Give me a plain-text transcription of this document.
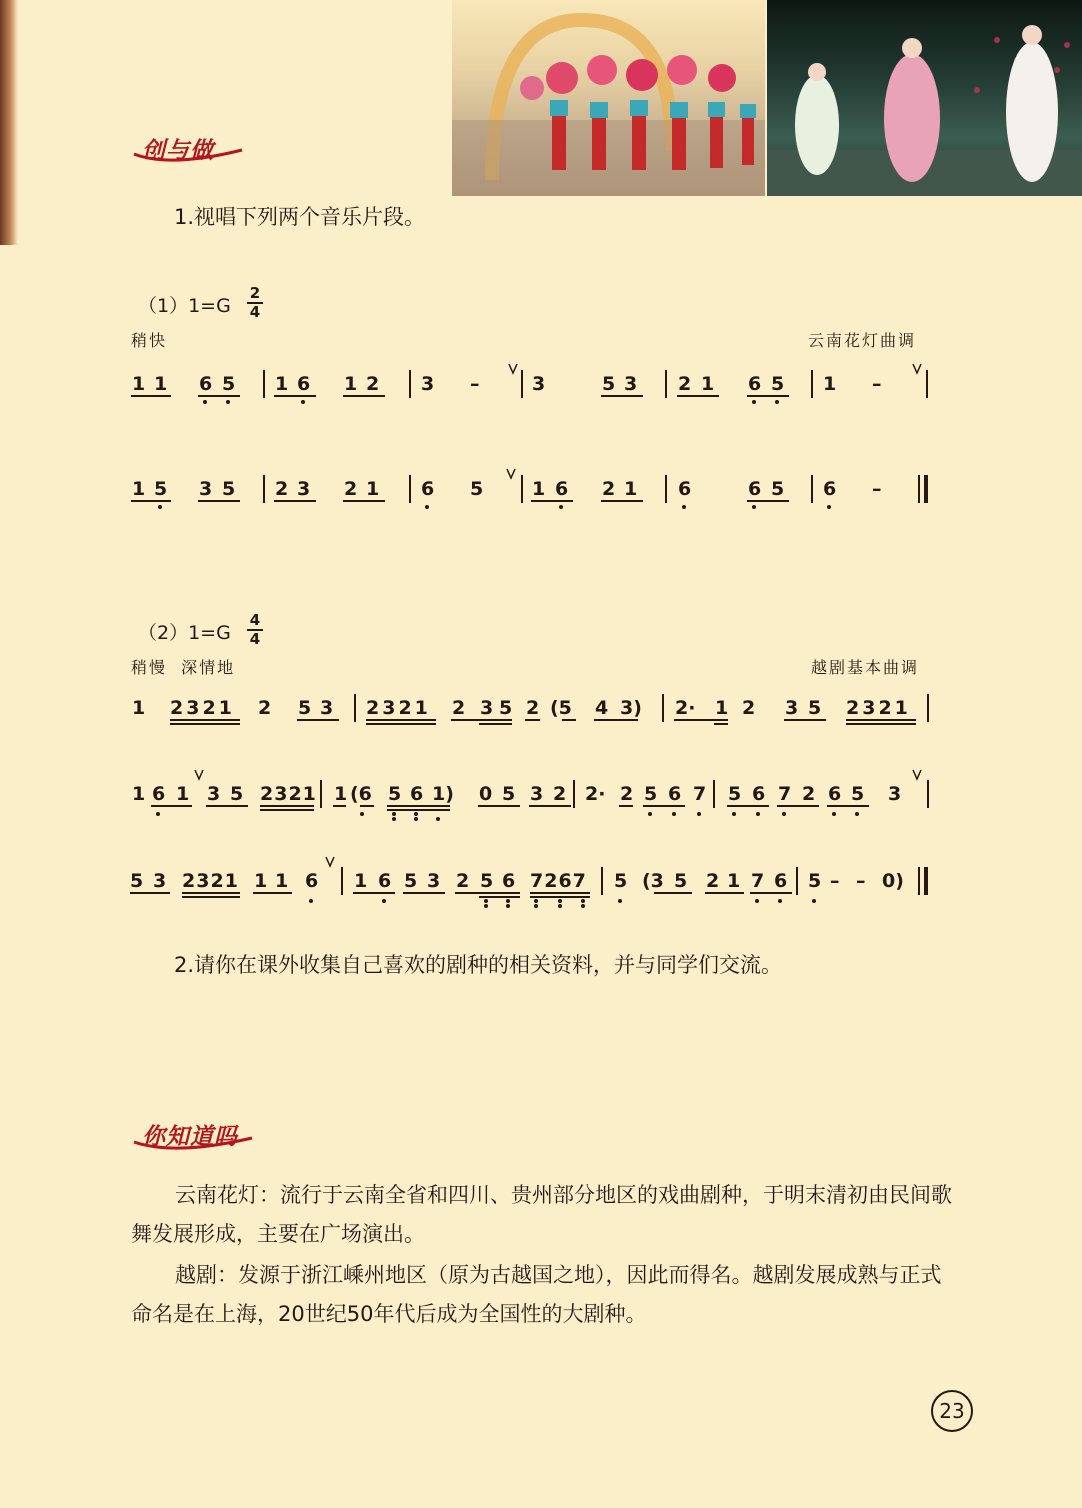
创与做
1.视唱下列两个音乐片段。
（1）1=G
2
4
稍快	云南花灯曲调
1 1 6 5 1 6 1 2 3 –	3	5 3 2 1 6 5 1 –
1 5 3 5 2 3 2 1 6 5	1 6 2 1 6	6 5 6 –
（2）1=G
4
4
稍慢  深情地	越剧基本曲调
1 2321 2 5 3 2321 2 3 5 2 (5 4 3) 2· 1 2 3 5 2321
1 6 1 3 5 2321 1 (6 5 6 1) 0 5 3 2 2· 2 5 6 7 5 6 7 2 6 5 3
5 3 2321 1 1 6 1 6 5 3 2 5 6 7267 5 (3 5 2 1 7 6 5 – – 0)
2.请你在课外收集自己喜欢的剧种的相关资料，并与同学们交流。
你知道吗
云南花灯：流行于云南全省和四川、贵州部分地区的戏曲剧种，于明末清初由民间歌舞发展形成，主要在广场演出。
越剧：发源于浙江嵊州地区（原为古越国之地），因此而得名。越剧发展成熟与正式命名是在上海，20世纪50年代后成为全国性的大剧种。
23
